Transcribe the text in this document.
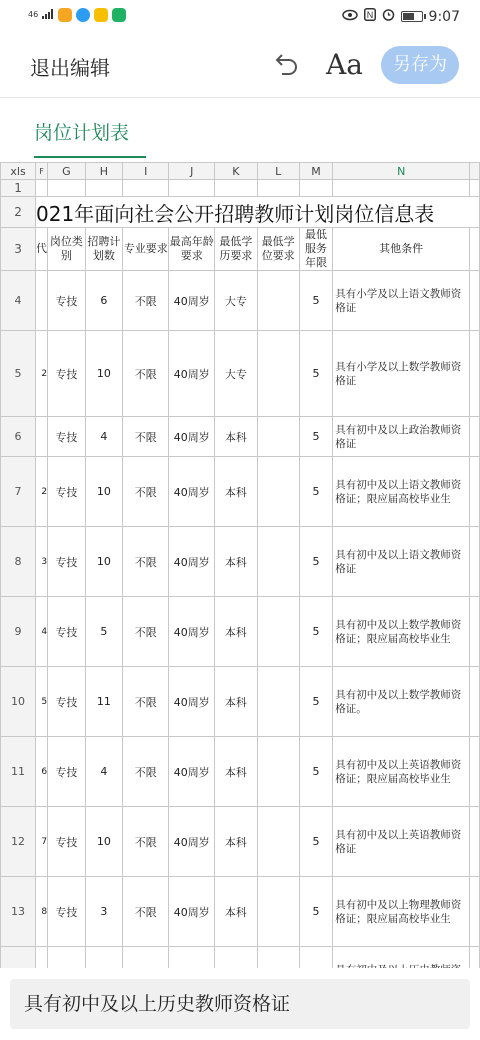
46	N	9:07
退出编辑	Aa	另存为
岗位计划表
xls	F	G	H	I	J	K	L	M	N	
1										
2	021年面向社会公开招聘教师计划岗位信息表									
3	代	岗位类别	招聘计划数	专业要求	最高年龄要求	最低学历要求	最低学位要求	最低服务年限	其他条件	
4		专技	6	不限	40周岁	大专		5	具有小学及以上语文教师资格证	
5	2	专技	10	不限	40周岁	大专		5	具有小学及以上数学教师资格证	
6		专技	4	不限	40周岁	本科		5	具有初中及以上政治教师资格证	
7	2	专技	10	不限	40周岁	本科		5	具有初中及以上语文教师资格证；限应届高校毕业生	
8	3	专技	10	不限	40周岁	本科		5	具有初中及以上语文教师资格证	
9	4	专技	5	不限	40周岁	本科		5	具有初中及以上数学教师资格证；限应届高校毕业生	
10	5	专技	11	不限	40周岁	本科		5	具有初中及以上数学教师资格证。	
11	6	专技	4	不限	40周岁	本科		5	具有初中及以上英语教师资格证；限应届高校毕业生	
12	7	专技	10	不限	40周岁	本科		5	具有初中及以上英语教师资格证	
13	8	专技	3	不限	40周岁	本科		5	具有初中及以上物理教师资格证；限应届高校毕业生	

具有初中及以上历史教师资格证
